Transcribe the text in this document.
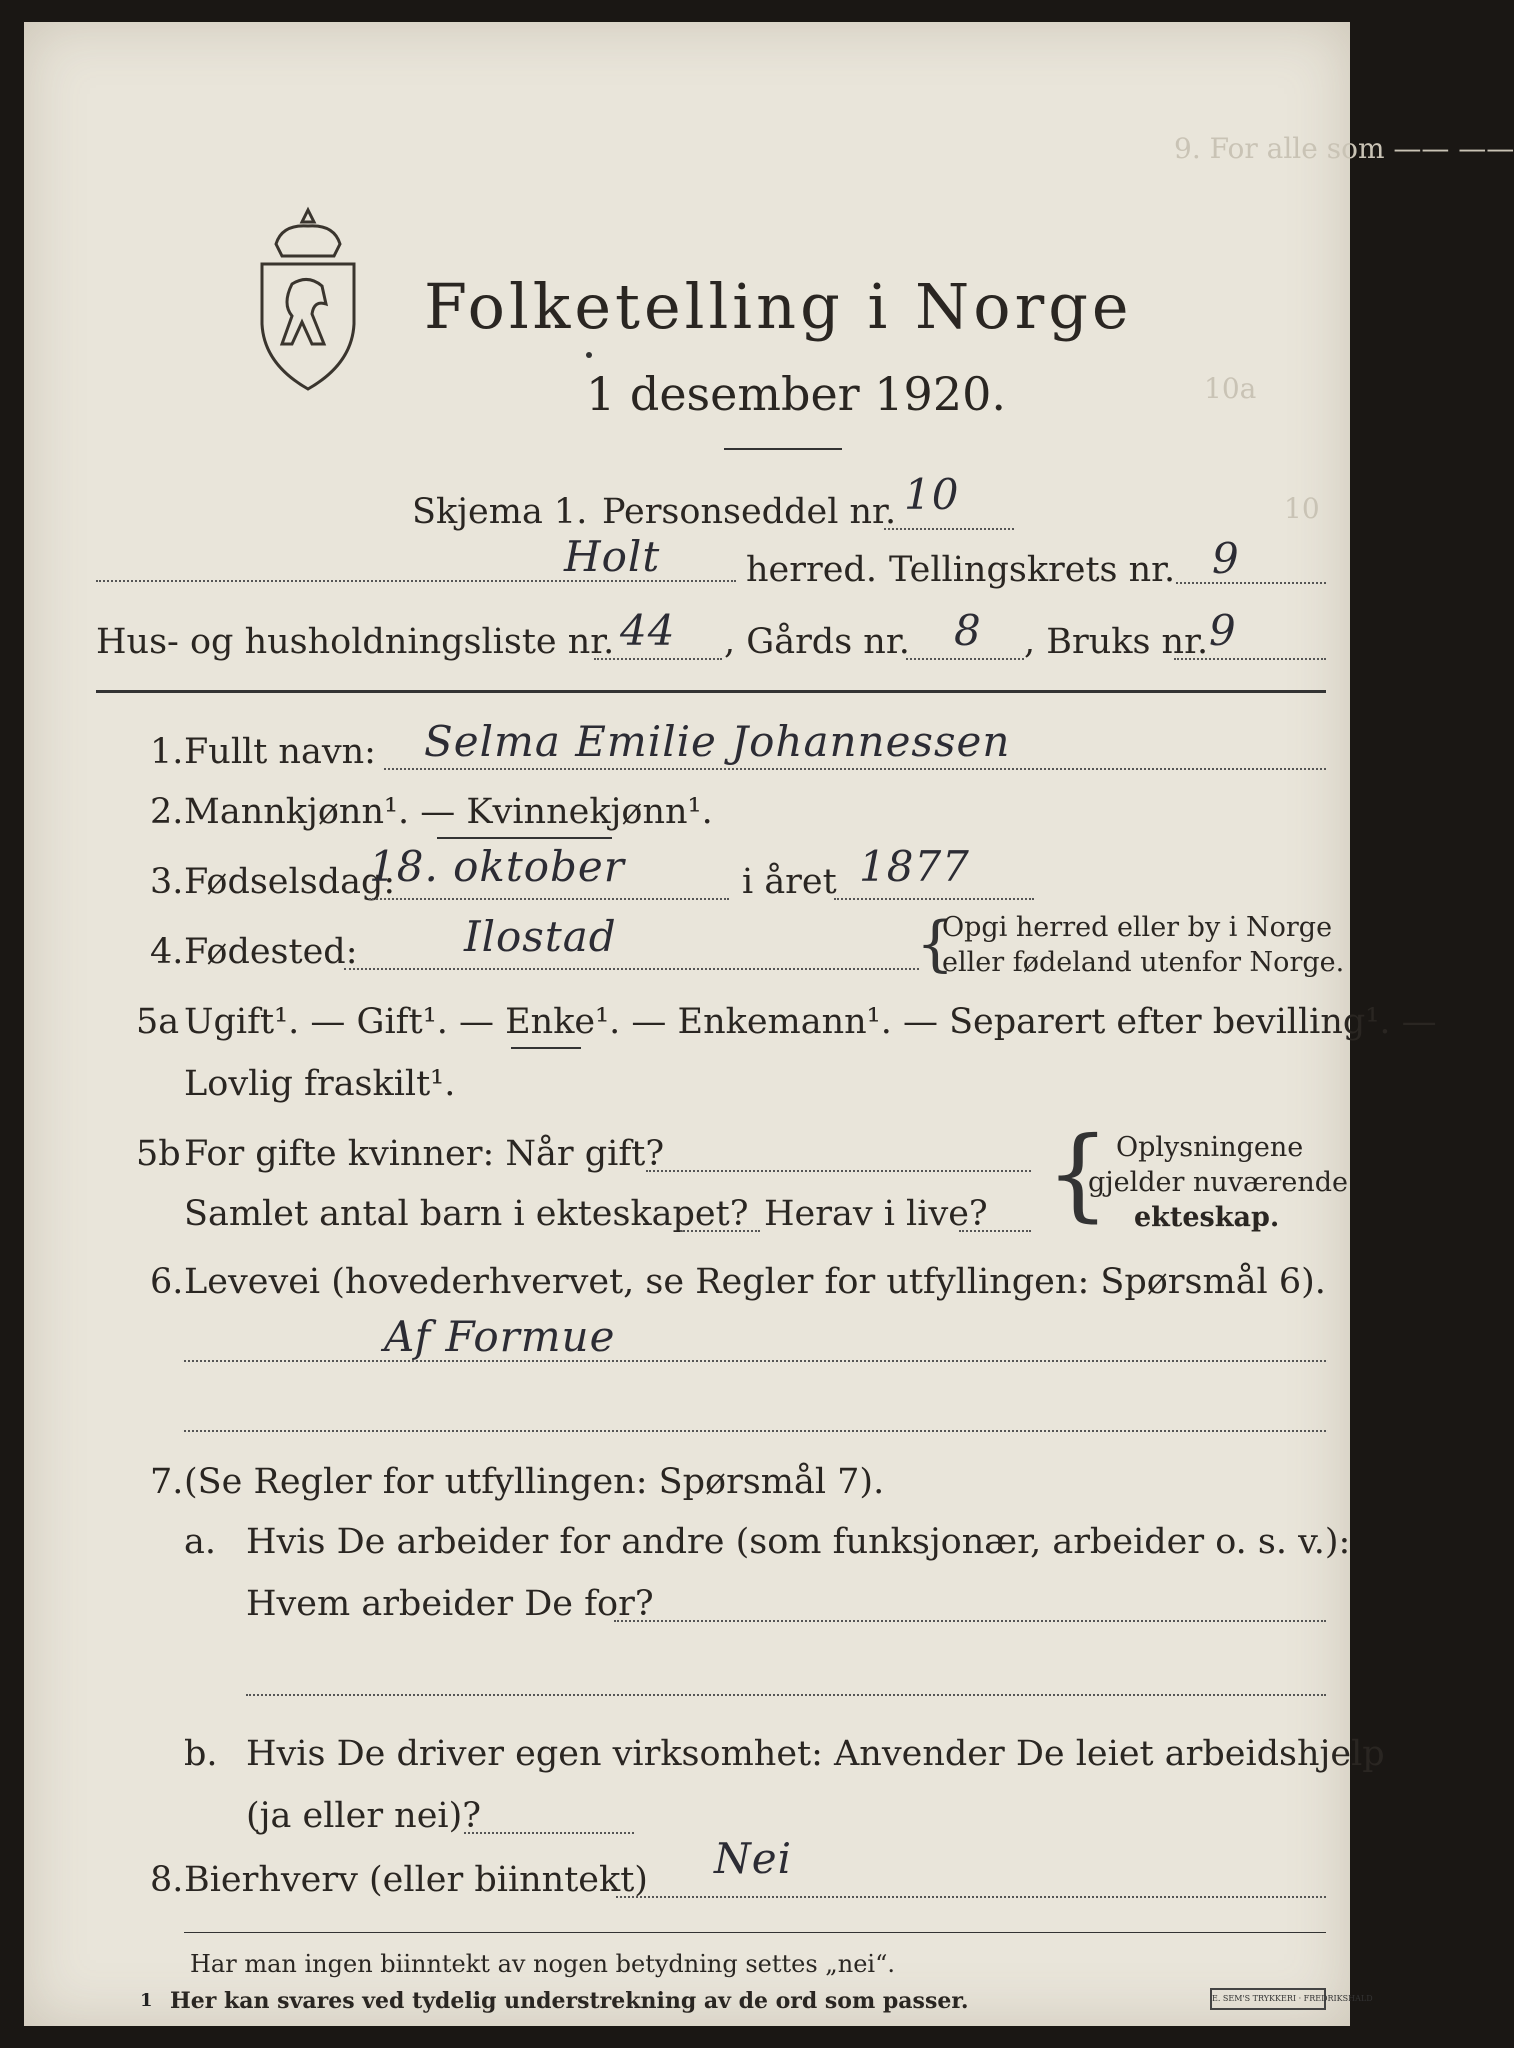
9. For alle som —— ——
10a
10
Folketelling i Norge
1 desember 1920.
Skjema 1. Personseddel nr. 10
Holt herred. Tellingskrets nr. 9
Hus- og husholdningsliste nr. 44 , Gårds nr. 8 , Bruks nr. 9
1. Fullt navn: Selma Emilie Johannessen
2. Mannkjønn¹. — Kvinnekjønn¹.
3. Fødselsdag:
18. oktober	i året 1877
4. Fødested:	Ilostad	{
Opgi herred eller by i Norge
eller fødeland utenfor Norge.
5a Ugift¹. — Gift¹. — Enke¹. — Enkemann¹. — Separert efter bevilling¹. —
Lovlig fraskilt¹.
5b For gifte kvinner: Når gift?
Samlet antal barn i ekteskapet? Herav i live? { Oplysningene
gjelder nuværende
ekteskap.
6. Levevei (hovederhvervet, se Regler for utfyllingen: Spørsmål 6).
Af Formue
7. (Se Regler for utfyllingen: Spørsmål 7).
a. Hvis De arbeider for andre (som funksjonær, arbeider o. s. v.):
Hvem arbeider De for?
b. Hvis De driver egen virksomhet: Anvender De leiet arbeidshjelp
(ja eller nei)?
8. Bierhverv (eller biinntekt) Nei
Har man ingen biinntekt av nogen betydning settes „nei“.
1 Her kan svares ved tydelig understrekning av de ord som passer.	E. SEM'S TRYKKERI · FREDRIKSHALD
